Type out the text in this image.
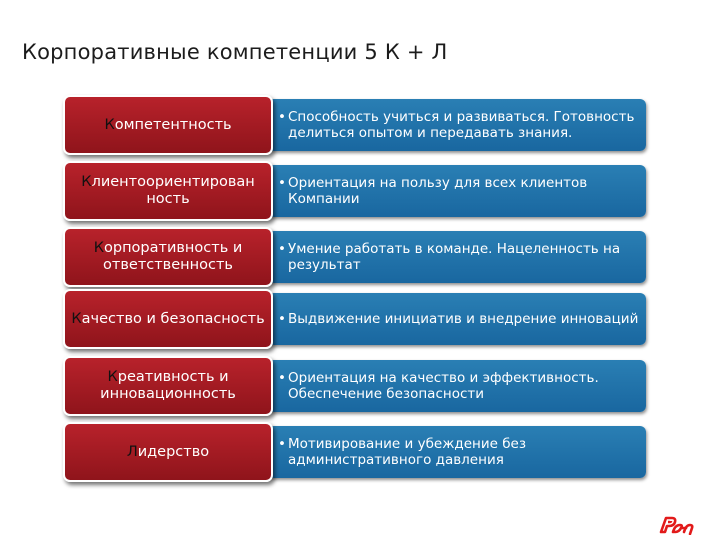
Корпоративные компетенции 5 К + Л
• Способность учиться и развиваться. Готовность делиться опытом и передавать знания.
Компетентность
• Ориентация на пользу для всех клиентов Компании
Клиентоориентирован ность
• Умение работать в команде. Нацеленность на результат
Корпоративность и ответственность
• Выдвижение инициатив и внедрение инноваций
Качество и безопасность
• Ориентация на качество и эффективность. Обеспечение безопасности
Креативность и инновационность
• Мотивирование и убеждение без административного давления
Лидерство
